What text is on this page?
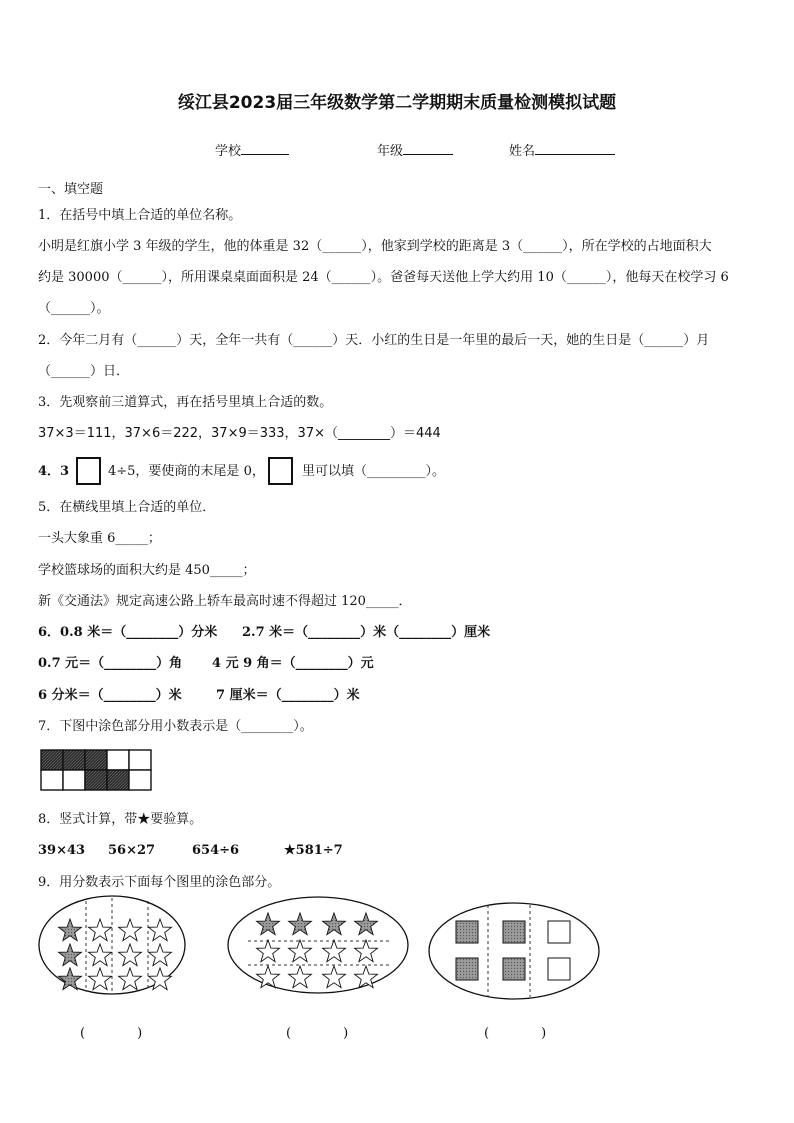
绥江县2023届三年级数学第二学期期末质量检测模拟试题
学校	年级	姓名
一、填空题
1．在括号中填上合适的单位名称。
小明是红旗小学 3 年级的学生，他的体重是 32（______），他家到学校的距离是 3（______），所在学校的占地面积大
约是 30000（______），所用课桌桌面面积是 24（______）。爸爸每天送他上学大约用 10（______），他每天在校学习 6
（______）。
2．今年二月有（______）天，全年一共有（______）天．小红的生日是一年里的最后一天，她的生日是（______）月
（______）日．
3．先观察前三道算式，再在括号里填上合适的数。
37×3＝111，37×6＝222，37×9＝333，37×（________）＝444
4．3	4÷5，要使商的末尾是 0，	里可以填（_________）。
5．在横线里填上合适的单位．
一头大象重 6_____；
学校篮球场的面积大约是 450_____；
新《交通法》规定高速公路上轿车最高时速不得超过 120_____．
6．0.8 米＝（________）分米 2.7 米＝（________）米（________）厘米
0.7 元＝（________）角 4 元 9 角＝（________）元
6 分米＝（________）米	7 厘米＝（________）米
7．下图中涂色部分用小数表示是（________）。
8．竖式计算，带★要验算。
39×43 56×27	654÷6	★581÷7
9．用分数表示下面每个图里的涂色部分。
(　　　　)	(　　　　)	(　　　　)
